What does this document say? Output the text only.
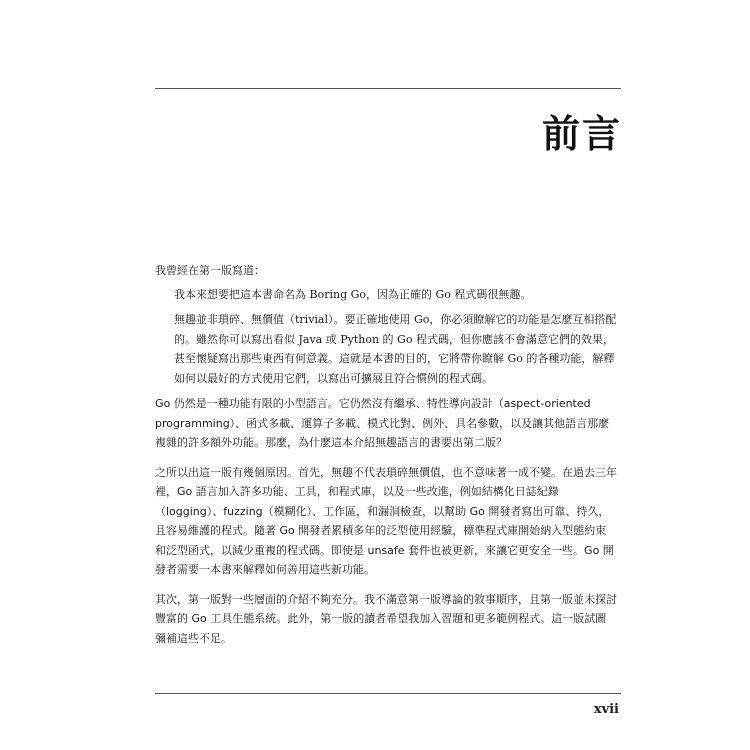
前言

我曾經在第一版寫道：

我本來想要把這本書命名為 Boring Go，因為正確的 Go 程式碼很無趣。

無趣並非瑣碎、無價值（trivial）。要正確地使用 Go，你必須瞭解它的功能是怎麼互相搭配的。雖然你可以寫出看似 Java 或 Python 的 Go 程式碼，但你應該不會滿意它們的效果，甚至懷疑寫出那些東西有何意義。這就是本書的目的，它將帶你瞭解 Go 的各種功能，解釋如何以最好的方式使用它們，以寫出可擴展且符合慣例的程式碼。

Go 仍然是一種功能有限的小型語言。它仍然沒有繼承、特性導向設計（aspect-oriented programming）、函式多載、運算子多載、模式比對、例外、具名參數，以及讓其他語言那麼複雜的許多額外功能。那麼，為什麼這本介紹無趣語言的書要出第二版？

之所以出這一版有幾個原因。首先，無趣不代表瑣碎無價值，也不意味著一成不變。在過去三年裡，Go 語言加入許多功能、工具，和程式庫，以及一些改進，例如結構化日誌紀錄（logging）、fuzzing（模糊化）、工作區，和漏洞檢查，以幫助 Go 開發者寫出可靠、持久，且容易維護的程式。隨著 Go 開發者累積多年的泛型使用經驗，標準程式庫開始納入型態約束和泛型函式，以減少重複的程式碼。即使是 unsafe 套件也被更新，來讓它更安全一些。Go 開發者需要一本書來解釋如何善用這些新功能。

其次，第一版對一些層面的介紹不夠充分。我不滿意第一版導論的敘事順序，且第一版並未探討豐富的 Go 工具生態系統。此外，第一版的讀者希望我加入習題和更多範例程式。這一版試圖彌補這些不足。

xvii
